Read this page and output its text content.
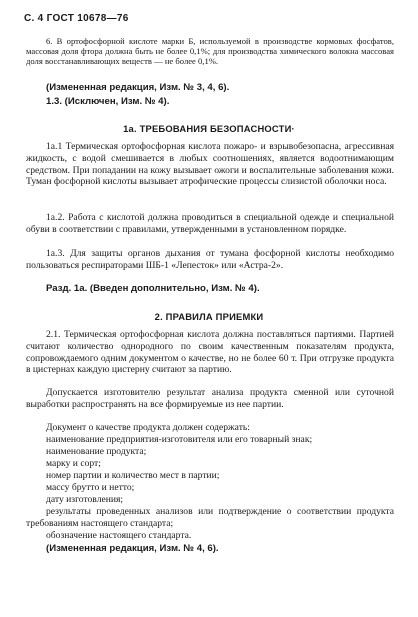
С. 4 ГОСТ 10678—76
6. В ортофосфорной кислоте марки Б, используемой в производстве кормовых фосфатов, массовая доля фтора должна быть не более 0,1%; для производства химического волокна массовая доля восстанавливающих веществ — не более 0,1%.
(Измененная редакция, Изм. № 3, 4, 6).
1.3. (Исключен, Изм. № 4).
1а. ТРЕБОВАНИЯ БЕЗОПАСНОСТИ·
1а.1 Термическая ортофосфорная кислота пожаро- и взрывобезопасна, агрессивная жидкость, с водой смешивается в любых соотношениях, является водоотнимающим средством. При попадании на кожу вызывает ожоги и воспалительные заболевания кожи. Туман фосфорной кислоты вызывает атрофические процессы слизистой оболочки носа.
1а.2. Работа с кислотой должна проводиться в специальной одежде и специальной обуви в соответствии с правилами, утвержденными в установленном порядке.
1а.3. Для защиты органов дыхания от тумана фосфорной кислоты необходимо пользоваться респираторами ШБ-1 «Лепесток» или «Астра-2».
Разд. 1а. (Введен дополнительно, Изм. № 4).
2. ПРАВИЛА ПРИЕМКИ
2.1. Термическая ортофосфорная кислота должна поставляться партиями. Партией считают количество однородного по своим качественным показателям продукта, сопровождаемого одним документом о качестве, но не более 60 т. При отгрузке продукта в цистернах каждую цистерну считают за партию.
Допускается изготовителю результат анализа продукта сменной или суточной выработки распространять на все формируемые из нее партии.
Документ о качестве продукта должен содержать:
наименование предприятия-изготовителя или его товарный знак;
наименование продукта;
марку и сорт;
номер партии и количество мест в партии;
массу брутто и нетто;
дату изготовления;
результаты проведенных анализов или подтверждение о соответствии продукта требованиям настоящего стандарта;
обозначение настоящего стандарта.
(Измененная редакция, Изм. № 4, 6).
